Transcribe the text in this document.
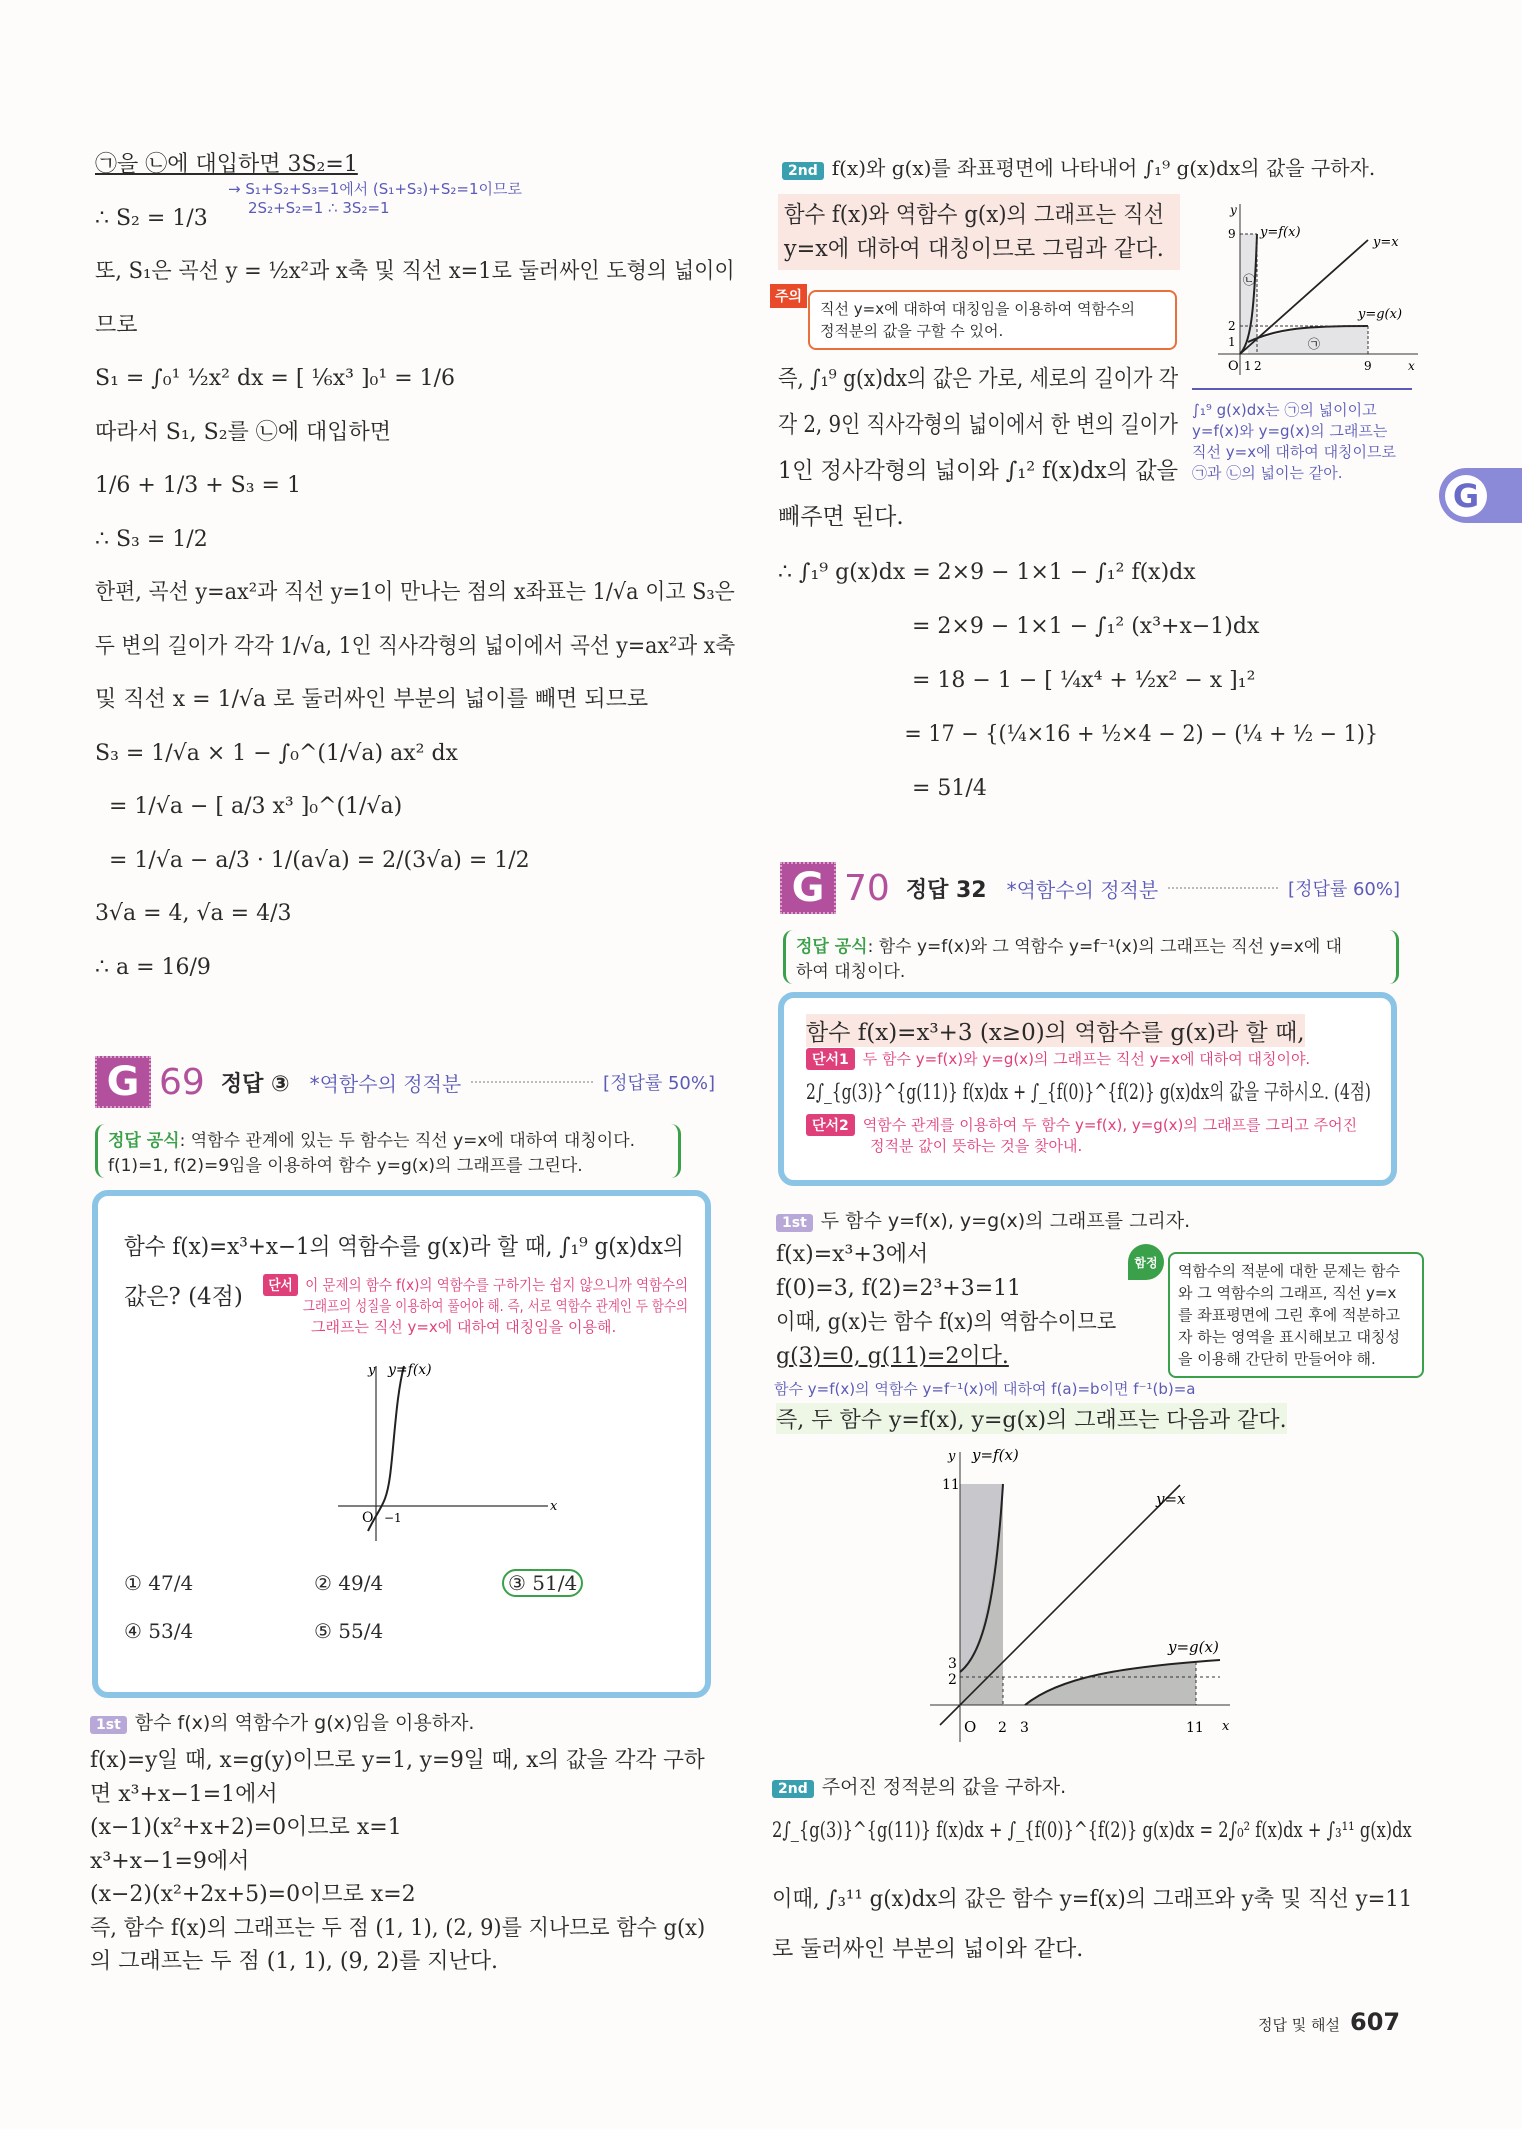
㉠을 ㉡에 대입하면 3S₂=1
∴ S₂ = 1/3
또, S₁은 곡선 y = ½x²과 x축 및 직선 x=1로 둘러싸인 도형의 넓이이
므로
S₁ = ∫₀¹ ½x² dx = [ ⅙x³ ]₀¹ = 1/6
따라서 S₁, S₂를 ㉡에 대입하면
1/6 + 1/3 + S₃ = 1
∴ S₃ = 1/2
한편, 곡선 y=ax²과 직선 y=1이 만나는 점의 x좌표는 1/√a 이고 S₃은
두 변의 길이가 각각 1/√a, 1인 직사각형의 넓이에서 곡선 y=ax²과 x축
및 직선 x = 1/√a 로 둘러싸인 부분의 넓이를 빼면 되므로
S₃ = 1/√a × 1 − ∫₀^(1/√a) ax² dx
= 1/√a − [ a/3 x³ ]₀^(1/√a)
= 1/√a − a/3 · 1/(a√a) = 2/(3√a) = 1/2
3√a = 4, √a = 4/3
∴ a = 16/9
→ S₁+S₂+S₃=1에서 (S₁+S₃)+S₂=1이므로
2S₂+S₂=1 ∴ 3S₂=1
G 69 정답 ③ *역함수의 정적분	[정답률 50%]
정답 공식: 역함수 관계에 있는 두 함수는 직선 y=x에 대하여 대칭이다.
f(1)=1, f(2)=9임을 이용하여 함수 y=g(x)의 그래프를 그린다.
함수 f(x)=x³+x−1의 역함수를 g(x)라 할 때, ∫₁⁹ g(x)dx의
값은? (4점)	단서 이 문제의 함수 f(x)의 역함수를 구하기는 쉽지 않으니까 역함수의
그래프의 성질을 이용하여 풀어야 해. 즉, 서로 역함수 관계인 두 함수의
그래프는 직선 y=x에 대하여 대칭임을 이용해.
y y=f(x)
x
O −1
① 47/4	② 49/4	③ 51/4
④ 53/4	⑤ 55/4
1st 함수 f(x)의 역함수가 g(x)임을 이용하자.
f(x)=y일 때, x=g(y)이므로 y=1, y=9일 때, x의 값을 각각 구하
면 x³+x−1=1에서
(x−1)(x²+x+2)=0이므로 x=1
x³+x−1=9에서
(x−2)(x²+2x+5)=0이므로 x=2
즉, 함수 f(x)의 그래프는 두 점 (1, 1), (2, 9)를 지나므로 함수 g(x)
의 그래프는 두 점 (1, 1), (9, 2)를 지난다.
2nd f(x)와 g(x)를 좌표평면에 나타내어 ∫₁⁹ g(x)dx의 값을 구하자.
함수 f(x)와 역함수 g(x)의 그래프는 직선
y=x에 대하여 대칭이므로 그림과 같다.
직선 y=x에 대하여 대칭임을 이용하여 역함수의
정적분의 값을 구할 수 있어.
주의
즉, ∫₁⁹ g(x)dx의 값은 가로, 세로의 길이가 각
각 2, 9인 직사각형의 넓이에서 한 변의 길이가
1인 정사각형의 넓이와 ∫₁² f(x)dx의 값을
빼주면 된다.
∴ ∫₁⁹ g(x)dx = 2×9 − 1×1 − ∫₁² f(x)dx
= 2×9 − 1×1 − ∫₁² (x³+x−1)dx
= 18 − 1 − [ ¼x⁴ + ½x² − x ]₁²
= 17 − {(¼×16 + ½×4 − 2) − (¼ + ½ − 1)}
= 51/4
y
x
O
9
2
1
1 2	9
y=f(x)
y=x
y=g(x)
㉠
㉡
∫₁⁹ g(x)dx는 ㉠의 넓이이고
y=f(x)와 y=g(x)의 그래프는
직선 y=x에 대하여 대칭이므로
㉠과 ㉡의 넓이는 같아.
G
G 70 정답 32 *역함수의 정적분	[정답률 60%]
정답 공식: 함수 y=f(x)와 그 역함수 y=f⁻¹(x)의 그래프는 직선 y=x에 대
하여 대칭이다.
함수 f(x)=x³+3 (x≥0)의 역함수를 g(x)라 할 때,
단서1 두 함수 y=f(x)와 y=g(x)의 그래프는 직선 y=x에 대하여 대칭이야.
2∫_{g(3)}^{g(11)} f(x)dx + ∫_{f(0)}^{f(2)} g(x)dx의 값을 구하시오. (4점)
단서2 역함수 관계를 이용하여 두 함수 y=f(x), y=g(x)의 그래프를 그리고 주어진
정적분 값이 뜻하는 것을 찾아내.
1st 두 함수 y=f(x), y=g(x)의 그래프를 그리자.
f(x)=x³+3에서
f(0)=3, f(2)=2³+3=11
이때, g(x)는 함수 f(x)의 역함수이므로
g(3)=0, g(11)=2이다.
함수 y=f(x)의 역함수 y=f⁻¹(x)에 대하여 f(a)=b이면 f⁻¹(b)=a
즉, 두 함수 y=f(x), y=g(x)의 그래프는 다음과 같다.
역함수의 적분에 대한 문제는 함수
와 그 역함수의 그래프, 직선 y=x
를 좌표평면에 그린 후에 적분하고
자 하는 영역을 표시해보고 대칭성
을 이용해 간단히 만들어야 해.
함정
y
x
O
y=f(x)
y=x
y=g(x)
11
3
2
2 3	11
2nd 주어진 정적분의 값을 구하자.
2∫_{g(3)}^{g(11)} f(x)dx + ∫_{f(0)}^{f(2)} g(x)dx = 2∫₀² f(x)dx + ∫₃¹¹ g(x)dx
이때, ∫₃¹¹ g(x)dx의 값은 함수 y=f(x)의 그래프와 y축 및 직선 y=11
로 둘러싸인 부분의 넓이와 같다.
정답 및 해설 607
